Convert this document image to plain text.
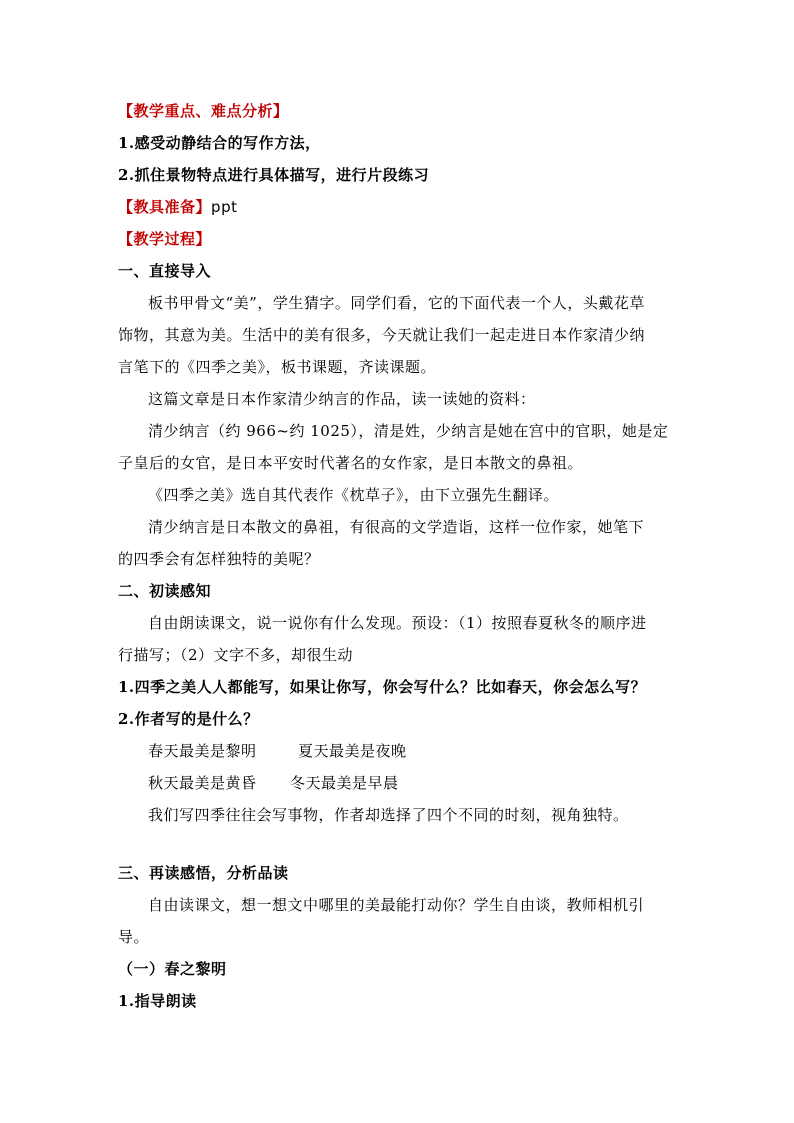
【教学重点、难点分析】
1.感受动静结合的写作方法，
2.抓住景物特点进行具体描写，进行片段练习
【教具准备】ppt
【教学过程】
一、直接导入
板书甲骨文“美”，学生猜字。同学们看，它的下面代表一个人，头戴花草
饰物，其意为美。生活中的美有很多，今天就让我们一起走进日本作家清少纳
言笔下的《四季之美》，板书课题，齐读课题。
这篇文章是日本作家清少纳言的作品，读一读她的资料：
清少纳言（约 966~约 1025），清是姓，少纳言是她在宫中的官职，她是定
子皇后的女官，是日本平安时代著名的女作家，是日本散文的鼻祖。
《四季之美》选自其代表作《枕草子》，由下立强先生翻译。
清少纳言是日本散文的鼻祖，有很高的文学造诣，这样一位作家，她笔下
的四季会有怎样独特的美呢？
二、初读感知
自由朗读课文，说一说你有什么发现。预设：（1）按照春夏秋冬的顺序进
行描写；（2）文字不多，却很生动
1.四季之美人人都能写，如果让你写，你会写什么？比如春天，你会怎么写？
2.作者写的是什么？
春天最美是黎明	夏天最美是夜晚
秋天最美是黄昏 冬天最美是早晨
我们写四季往往会写事物，作者却选择了四个不同的时刻，视角独特。
三、再读感悟，分析品读
自由读课文，想一想文中哪里的美最能打动你？学生自由谈，教师相机引
导。
（一）春之黎明
1.指导朗读
